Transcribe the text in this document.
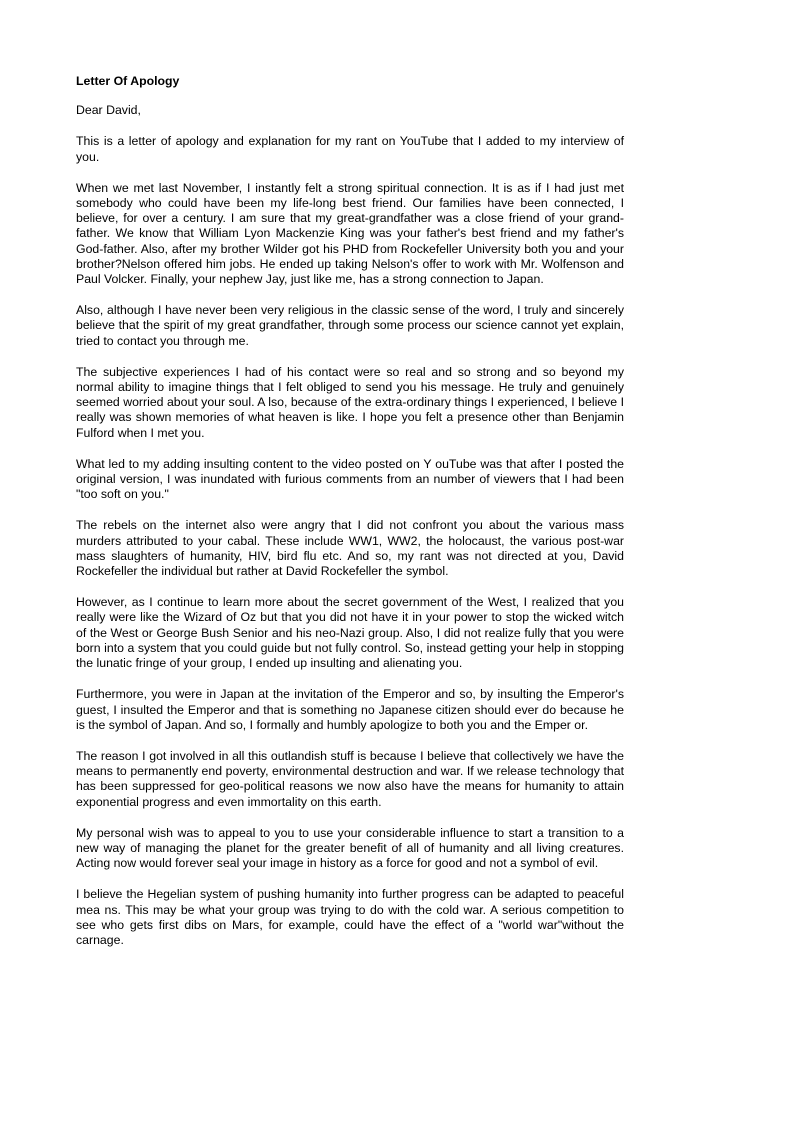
Letter Of Apology
Dear David,

This is a letter of apology and explanation for my rant on YouTube that I added to my interview of you.

When we met last November, I instantly felt a strong spiritual connection. It is as if I had just met somebody who could have been my life-long best friend. Our families have been connected, I believe, for over a century. I am sure that my great-grandfather was a close friend of your grand-father. We know that William Lyon Mackenzie King was your father's best friend and my father's God-father. Also, after my brother Wilder got his PHD from Rockefeller University both you and your brother?Nelson offered him jobs. He ended up taking Nelson's offer to work with Mr. Wolfenson and Paul Volcker. Finally, your nephew Jay, just like me, has a strong connection to Japan.

Also, although I have never been very religious in the classic sense of the word, I truly and sincerely believe that the spirit of my great grandfather, through some process our science cannot yet explain, tried to contact you through me.

The subjective experiences I had of his contact were so real and so strong and so beyond my normal ability to imagine things that I felt obliged to send you his message. He truly and genuinely seemed worried about your soul. A lso, because of the extra-ordinary things I experienced, I believe I really was shown memories of what heaven is like. I hope you felt a presence other than Benjamin Fulford when I met you.

What led to my adding insulting content to the video posted on Y ouTube was that after I posted the original version, I was inundated with furious comments from an number of viewers that I had been "too soft on you."

The rebels on the internet also were angry that I did not confront you about the various mass murders attributed to your cabal. These include WW1, WW2, the holocaust, the various post-war mass slaughters of humanity, HIV, bird flu etc. And so, my rant was not directed at you, David Rockefeller the individual but rather at David Rockefeller the symbol.

However, as I continue to learn more about the secret government of the West, I realized that you really were like the Wizard of Oz but that you did not have it in your power to stop the wicked witch of the West or George Bush Senior and his neo-Nazi group. Also, I did not realize fully that you were born into a system that you could guide but not fully control. So, instead getting your help in stopping the lunatic fringe of your group, I ended up insulting and alienating you.

Furthermore, you were in Japan at the invitation of the Emperor and so, by insulting the Emperor's guest, I insulted the Emperor and that is something no Japanese citizen should ever do because he is the symbol of Japan. And so, I formally and humbly apologize to both you and the Emper or.

The reason I got involved in all this outlandish stuff is because I believe that collectively we have the means to permanently end poverty, environmental destruction and war. If we release technology that has been suppressed for geo-political reasons we now also have the means for humanity to attain exponential progress and even immortality on this earth.

My personal wish was to appeal to you to use your considerable influence to start a transition to a new way of managing the planet for the greater benefit of all of humanity and all living creatures. Acting now would forever seal your image in history as a force for good and not a symbol of evil.

I believe the Hegelian system of pushing humanity into further progress can be adapted to peaceful mea ns. This may be what your group was trying to do with the cold war. A serious competition to see who gets first dibs on Mars, for example, could have the effect of a "world war"without the carnage.
